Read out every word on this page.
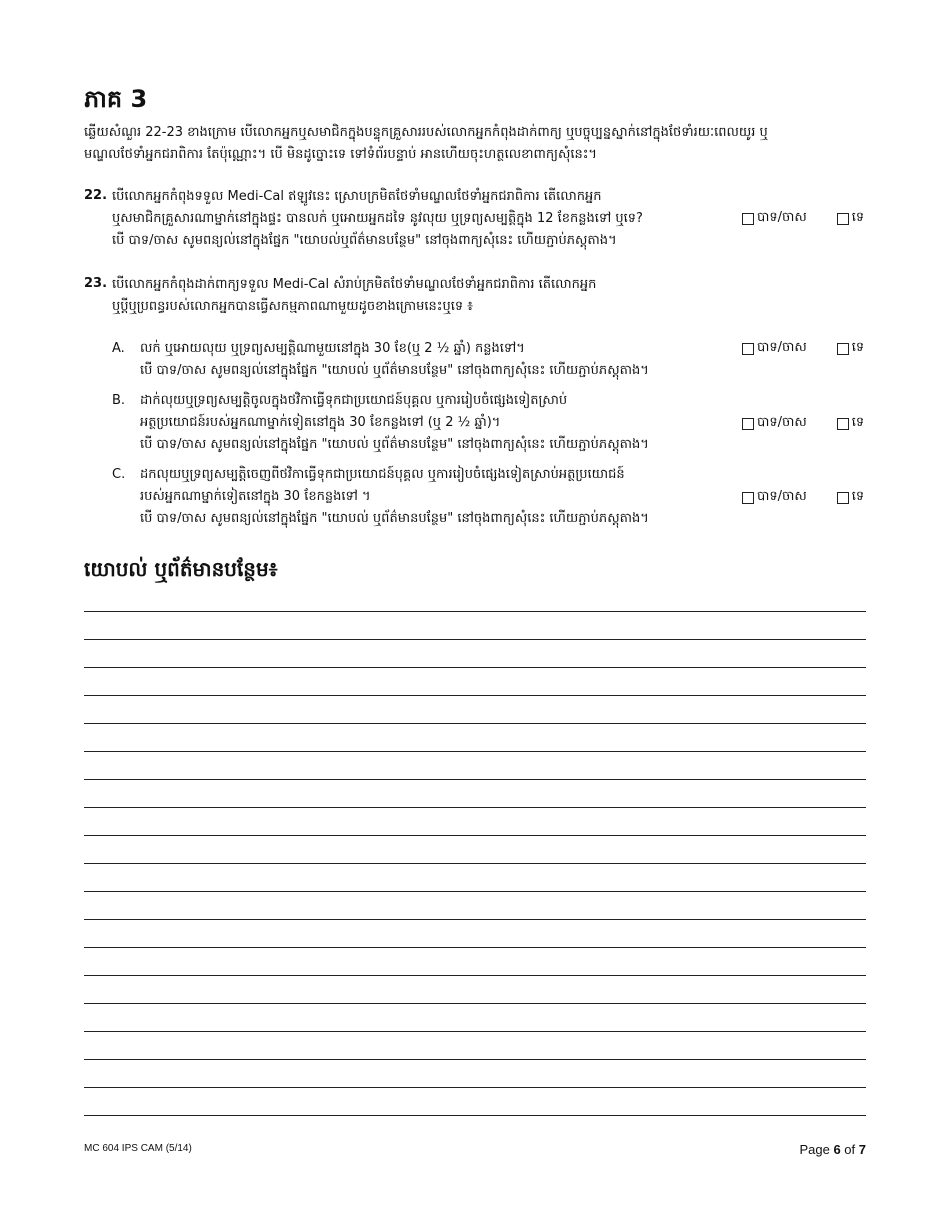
ភាគ 3
ឆ្លើយសំណួរ 22-23 ខាងក្រោម បើលោកអ្នកឬសមាជិកក្នុងបន្ទុកគ្រួសាររបស់លោកអ្នកកំពុងដាក់ពាក្យ ឬបច្ចុប្បន្នស្នាក់នៅក្នុងថែទាំរយៈពេលយូរ ឬ
មណ្ឌលថែទាំអ្នកជរាពិការ តែប៉ុណ្ណោះ។ បើ មិនដូច្នោះទេ ទៅទំព័របន្ទាប់ អានហើយចុះហត្ថលេខាពាក្យសុំនេះ។
22. បើលោកអ្នកកំពុងទទួល Medi-Cal ឥឡូវនេះ ស្រោបក្រមិតថែទាំមណ្ឌលថែទាំអ្នកជរាពិការ តើលោកអ្នក
ឬសមាជិកគ្រួសារណាម្នាក់នៅក្នុងផ្ទះ បានលក់ ឬអោយអ្នកដទៃ នូវលុយ ឬទ្រព្យសម្បត្តិក្នុង 12 ខែកន្លងទៅ ឬទេ?
បើ បាទ/ចាស សូមពន្យល់នៅក្នុងផ្នែក "យោបល់ឬព័ត៌មានបន្ថែម" នៅចុងពាក្យសុំនេះ ហើយភ្ជាប់ភស្តុតាង។
បាទ/ចាស	ទេ
23. បើលោកអ្នកកំពុងដាក់ពាក្យទទួល Medi-Cal សំរាប់ក្រមិតថែទាំមណ្ឌលថែទាំអ្នកជរាពិការ តើលោកអ្នក
ឬប្តីឬប្រពន្ធរបស់លោកអ្នកបានធ្វើសកម្មភាពណាមួយដូចខាងក្រោមនេះឬទេ ៖
A. លក់ ឬអោយលុយ ឬទ្រព្យសម្បត្តិណាមួយនៅក្នុង 30 ខែ(ឬ 2 ½ ឆ្នាំ) កន្លងទៅ។
បើ បាទ/ចាស សូមពន្យល់នៅក្នុងផ្នែក "យោបល់ ឬព័ត៌មានបន្ថែម" នៅចុងពាក្យសុំនេះ ហើយភ្ជាប់ភស្តុតាង។
បាទ/ចាស	ទេ
B. ដាក់លុយឬទ្រព្យសម្បត្តិចូលក្នុងថវិកាធ្វើទុកជាប្រយោជន៍បុគ្គល ឬការរៀបចំផ្សេងទៀតស្រាប់
អត្ថប្រយោជន៍របស់អ្នកណាម្នាក់ទៀតនៅក្នុង 30 ខែកន្លងទៅ (ឬ 2 ½ ឆ្នាំ)។
បើ បាទ/ចាស សូមពន្យល់នៅក្នុងផ្នែក "យោបល់ ឬព័ត៌មានបន្ថែម" នៅចុងពាក្យសុំនេះ ហើយភ្ជាប់ភស្តុតាង។
បាទ/ចាស	ទេ
C. ដកលុយឬទ្រព្យសម្បត្តិចេញពីថវិកាធ្វើទុកជាប្រយោជន៍បុគ្គល ឬការរៀបចំផ្សេងទៀតស្រាប់អត្ថប្រយោជន៍
របស់អ្នកណាម្នាក់ទៀតនៅក្នុង 30 ខែកន្លងទៅ ។
បើ បាទ/ចាស សូមពន្យល់នៅក្នុងផ្នែក "យោបល់ ឬព័ត៌មានបន្ថែម" នៅចុងពាក្យសុំនេះ ហើយភ្ជាប់ភស្តុតាង។
បាទ/ចាស	ទេ
យោបល់ ឬព័ត៌មានបន្ថែម៖
MC 604 IPS CAM (5/14)	Page 6 of 7
